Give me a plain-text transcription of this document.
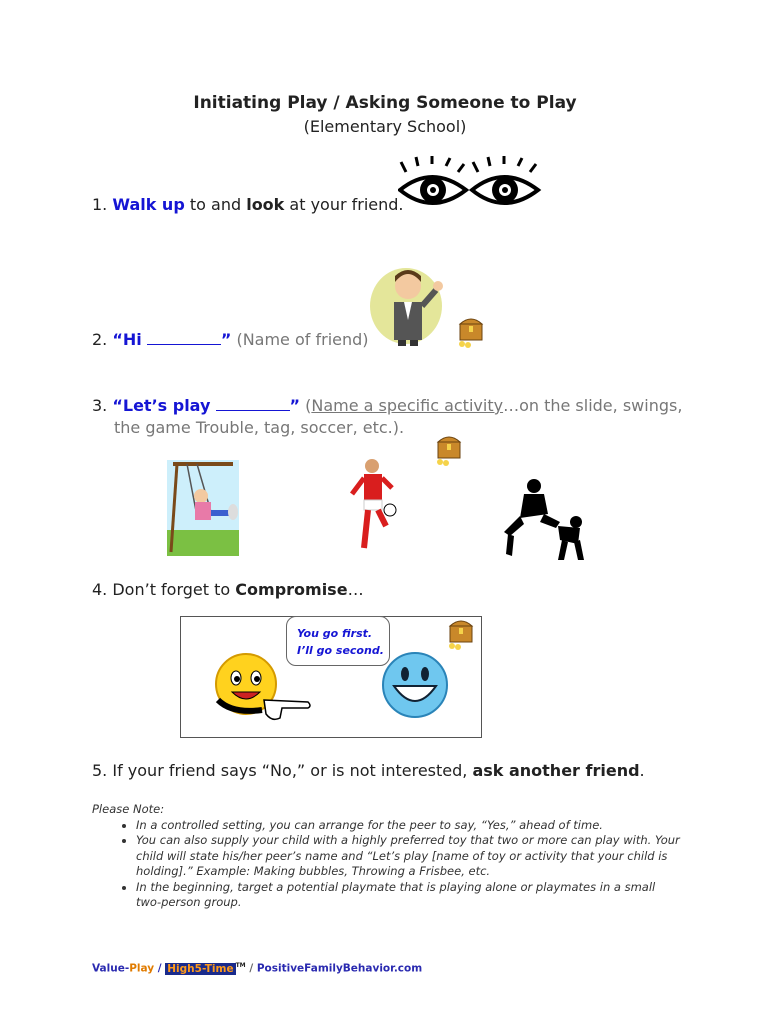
Initiating Play / Asking Someone to Play
(Elementary School)
1. Walk up to and look at your friend.
2. “Hi	” (Name of friend)
3. “Let’s play	” (Name a specific activity…on the slide, swings,
the game Trouble, tag, soccer, etc.).
4. Don’t forget to Compromise…
You go first.
I’ll go second.
5. If your friend says “No,” or is not interested, ask another friend.
Please Note:
• In a controlled setting, you can arrange for the peer to say, “Yes,” ahead of time.
• You can also supply your child with a highly preferred toy that two or more can play with. Your child will state his/her peer’s name and “Let’s play [name of toy or activity that your child is holding].” Example: Making bubbles, Throwing a Frisbee, etc.
• In the beginning, target a potential playmate that is playing alone or playmates in a small two-person group.
Value-Play / High5-Time ™ / PositiveFamilyBehavior.com
